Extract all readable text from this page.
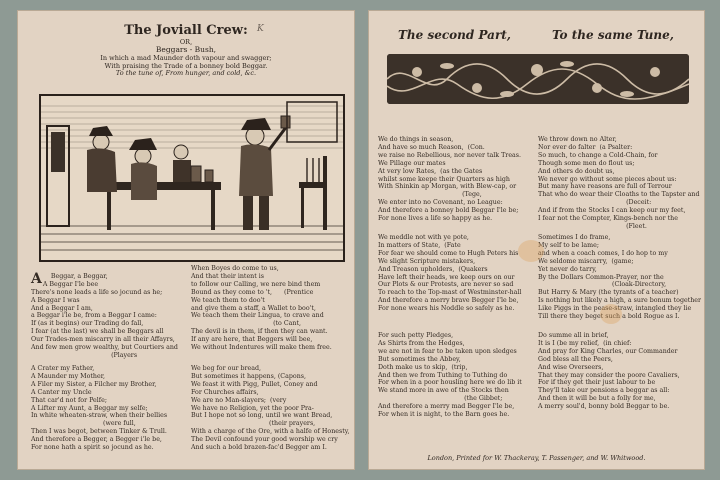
The Joviall Crew:
OR,
Beggars - Bush,
In which a mad Maunder doth vapour and swagger;
With praising the Trade of a bonney bold Beggar.
To the tune of, From hunger, and cold, &c.
K

A Beggar, a Beggar,
A Beggar I'le bee
There's none leads a life so jocund as he;
A Beggar I was
And a Beggar I am,
a Beggar i'le be, from a Beggar I came:
If (as it begins) our Trading do fall,
I fear (at the last) we shall be Beggars all
Our Trades-men miscarry in all their Affayrs,
And few men grow wealthy, but Courtiers and
(Players

When Boyes do come to us,
And that their intent is
to follow our Calling, we nere bind them
Bound as they come to 't,      (Prentice
We teach them to doo't
and give them a staff, a Wallet to boo't,
We teach them their Lingua, to crave and
(to Cant,
The devil is in them, if then they can want.
If any are here, that Beggers will bee,
We without Indentures will make them free.
A Crater my Father,
A Maunder my Mother,
A Filer my Sister, a Filcher my Brother,
A Canter my Uncle
That car'd not for Pelfe;
A Lifter my Aunt, a Beggar my selfe;
In white wheaten-straw, when their bellies
(were full,
Then I was begot, between Tinker & Trull.
And therefore a Begger, a Begger i'le be,
For none hath a spirit so jocund as he.
We beg for our bread,
But sometimes it happens, (Capons,
We feast it with Pigg, Pullet, Coney and
For Churches affairs,
We are no Man-slayers;  (very
We have no Religion, yet the poor Pra-
But I hope not so long, until we want Bread,
(their prayers,
With a charge of the Ore, with a halfe of Honesty,
The Devil confound your good worship we cry
And such a bold brazen-fac'd Begger am I.
The second Part,	To the same Tune,
We do things in season,
And have so much Reason,  (Con.
we raise no Rebellious, nor never talk Treas.
We Pillage our mates
At very low Rates,  (as the Gates
whilst some keepe their Quarters as high
With Shinkin ap Morgan, with Blew-cap, or
(Tege,
We enter into no Covenant, no League:
And therefore a bonney bold Beggar I'le be;
For none lives a life so happy as he.
We throw down no Alter,
Nor ever do falter  (a Psalter:
So much, to change a Cold-Chain, for
Though some men do flout us;
And others do doubt us,
We never go without some pieces about us:
But many have reasons are full of Terrour
That who do wear their Cloaths to the Tapster and
(Deceit:
And if from the Stocks I can keep our my feet,
I fear not the Compter, Kings-bench nor the
(Fleet.
We meddle not with ye pote,
In matters of State,  (Fate
For fear we should come to Hugh Peters his
We slight Scripture mistakers,
And Treason upholders,  (Quakers
Have left their heads, we keep ours on our
Our Plots & our Protests, are never so sad
To reach to the Top-mast of Westminster-hall
And therefore a merry brave Begger I'le be,
For none wears his Noddle so safely as he.
Sometimes I do frame,
My self to be lame;
and when a coach comes, I do hop to my
We seldome miscarry,  (game;
Yet never do tarry,
By the Dollars Common-Prayer, nor the
(Cloak-Directory,
But Harry & Mary (the tyrants of a teacher)
Is nothing but likely a high, a sure bonum together
Like Piggs in the pease-straw, intangled they lie
Till there they beget such a bold Rogue as I.
For such petty Pledges,
As Shirts from the Hedges,
we are not in fear to be taken upon sledges
But sometimes the Abbey,
Doth make us to skip,  (trip,
And then we from Tuthing to Tuthing do
For when in a poor housling here we do lib it
We stand more in awe of the Stocks then
(the Gibbet;
And therefore a merry mad Begger I'le be,
For when it is night, to the Barn goes he.
Do summe all in brief,
It is I (be my relief,  (in chief:
And pray for King Charles, our Commander
God bless all the Peers,
And wise Overseers,
That they may consider the poore Cavaliers,
For if they get their just labour to be
They'll take our pensions a beggar as all:
And then it will be but a folly for me,
A merry soul'd, bonny bold Beggar to be.
London, Printed for W. Thackeray, T. Passenger, and W. Whitwood.
